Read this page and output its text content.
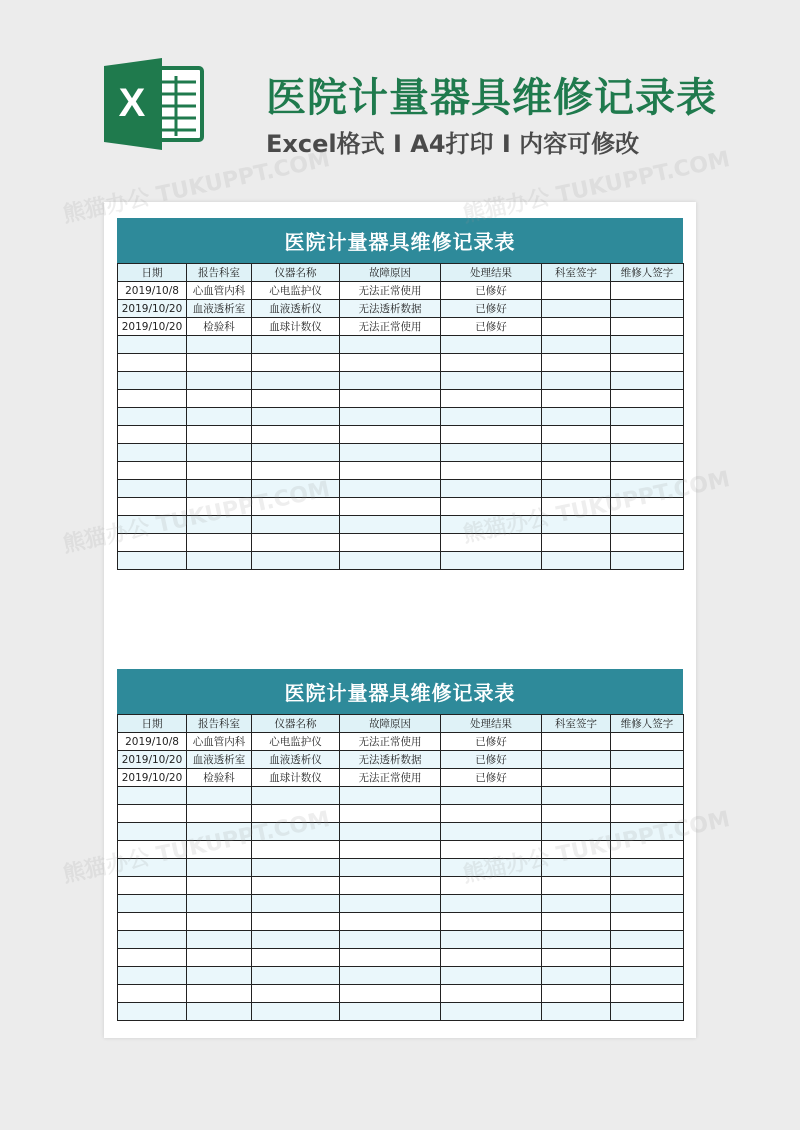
X	医院计量器具维修记录表
Excel格式 I A4打印 I 内容可修改
医院计量器具维修记录表
日期	报告科室	仪器名称	故障原因	处理结果	科室签字	维修人签字
2019/10/8	心血管内科	心电监护仪	无法正常使用	已修好		
2019/10/20	血液透析室	血液透析仪	无法透析数据	已修好		
2019/10/20	检验科	血球计数仪	无法正常使用	已修好		

医院计量器具维修记录表
日期	报告科室	仪器名称	故障原因	处理结果	科室签字	维修人签字
2019/10/8	心血管内科	心电监护仪	无法正常使用	已修好		
2019/10/20	血液透析室	血液透析仪	无法透析数据	已修好		
2019/10/20	检验科	血球计数仪	无法正常使用	已修好		

熊猫办公 TUKUPPT.COM	熊猫办公 TUKUPPT.COM
